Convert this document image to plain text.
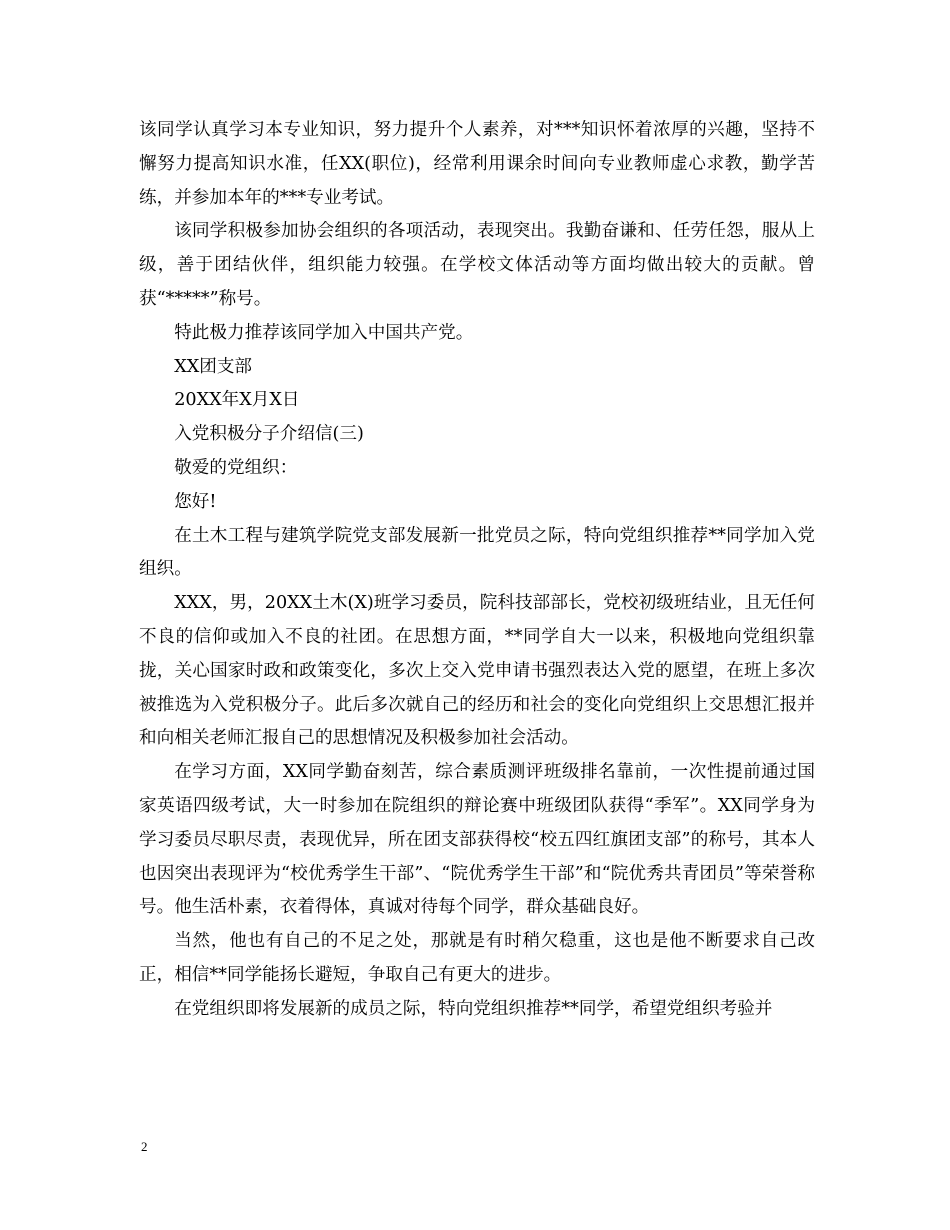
该同学认真学习本专业知识，努力提升个人素养，对***知识怀着浓厚的兴趣，坚持不懈努力提高知识水准，任XX(职位)，经常利用课余时间向专业教师虚心求教，勤学苦练，并参加本年的***专业考试。

该同学积极参加协会组织的各项活动，表现突出。我勤奋谦和、任劳任怨，服从上级，善于团结伙伴，组织能力较强。在学校文体活动等方面均做出较大的贡献。曾获“*****”称号。

特此极力推荐该同学加入中国共产党。

XX团支部

20XX年X月X日

入党积极分子介绍信(三)

敬爱的党组织：

您好!

在土木工程与建筑学院党支部发展新一批党员之际，特向党组织推荐**同学加入党组织。

XXX，男，20XX土木(X)班学习委员，院科技部部长，党校初级班结业，且无任何不良的信仰或加入不良的社团。在思想方面，**同学自大一以来，积极地向党组织靠拢，关心国家时政和政策变化，多次上交入党申请书强烈表达入党的愿望，在班上多次被推选为入党积极分子。此后多次就自己的经历和社会的变化向党组织上交思想汇报并和向相关老师汇报自己的思想情况及积极参加社会活动。

在学习方面，XX同学勤奋刻苦，综合素质测评班级排名靠前，一次性提前通过国家英语四级考试，大一时参加在院组织的辩论赛中班级团队获得“季军”。XX同学身为学习委员尽职尽责，表现优异，所在团支部获得校“校五四红旗团支部”的称号，其本人也因突出表现评为“校优秀学生干部”、“院优秀学生干部”和“院优秀共青团员”等荣誉称号。他生活朴素，衣着得体，真诚对待每个同学，群众基础良好。

当然，他也有自己的不足之处，那就是有时稍欠稳重，这也是他不断要求自己改正，相信**同学能扬长避短，争取自己有更大的进步。

在党组织即将发展新的成员之际，特向党组织推荐**同学，希望党组织考验并

2
